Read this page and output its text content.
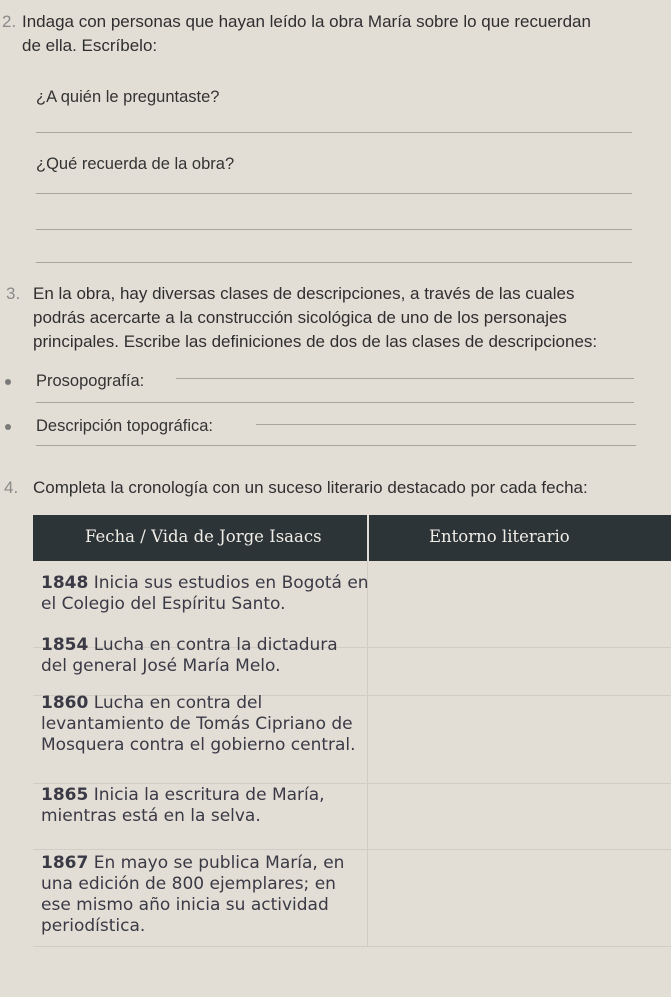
2. Indaga con personas que hayan leído la obra María sobre lo que recuerdan
de ella. Escríbelo:
¿A quién le preguntaste?
¿Qué recuerda de la obra?
3. En la obra, hay diversas clases de descripciones, a través de las cuales
podrás acercarte a la construcción sicológica de uno de los personajes
principales. Escribe las definiciones de dos de las clases de descripciones:
Prosopografía:
Descripción topográfica:
4. Completa la cronología con un suceso literario destacado por cada fecha:
Fecha / Vida de Jorge Isaacs	Entorno literario
1848 Inicia sus estudios en Bogotá en
el Colegio del Espíritu Santo.
1854 Lucha en contra la dictadura
del general José María Melo.
1860 Lucha en contra del
levantamiento de Tomás Cipriano de
Mosquera contra el gobierno central.
1865 Inicia la escritura de María,
mientras está en la selva.
1867 En mayo se publica María, en
una edición de 800 ejemplares; en
ese mismo año inicia su actividad
periodística.
